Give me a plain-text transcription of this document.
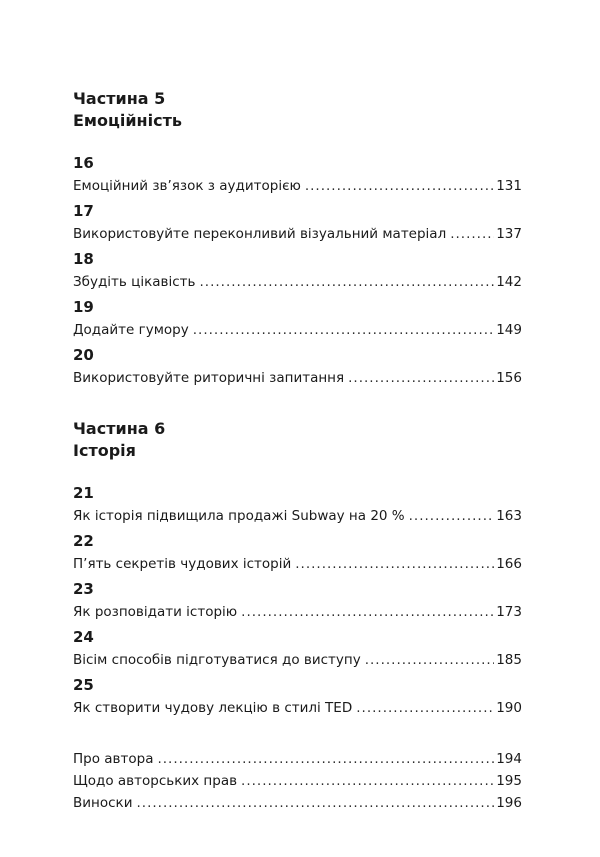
Частина 5
Емоційність
16
Емоційний зв’язок з аудиторією .....	131
17
Використовуйте переконливий візуальний матеріал .....	137
18
Збудіть цікавість .....	142
19
Додайте гумору .....	149
20
Використовуйте риторичні запитання .....	156
Частина 6
Історія
21
Як історія підвищила продажі Subway на 20 % .....	163
22
П’ять секретів чудових історій .....	166
23
Як розповідати історію .....	173
24
Вісім способів підготуватися до виступу .....	185
25
Як створити чудову лекцію в стилі TED .....	190
Про автора .....	194
Щодо авторських прав .....	195
Виноски .....	196
